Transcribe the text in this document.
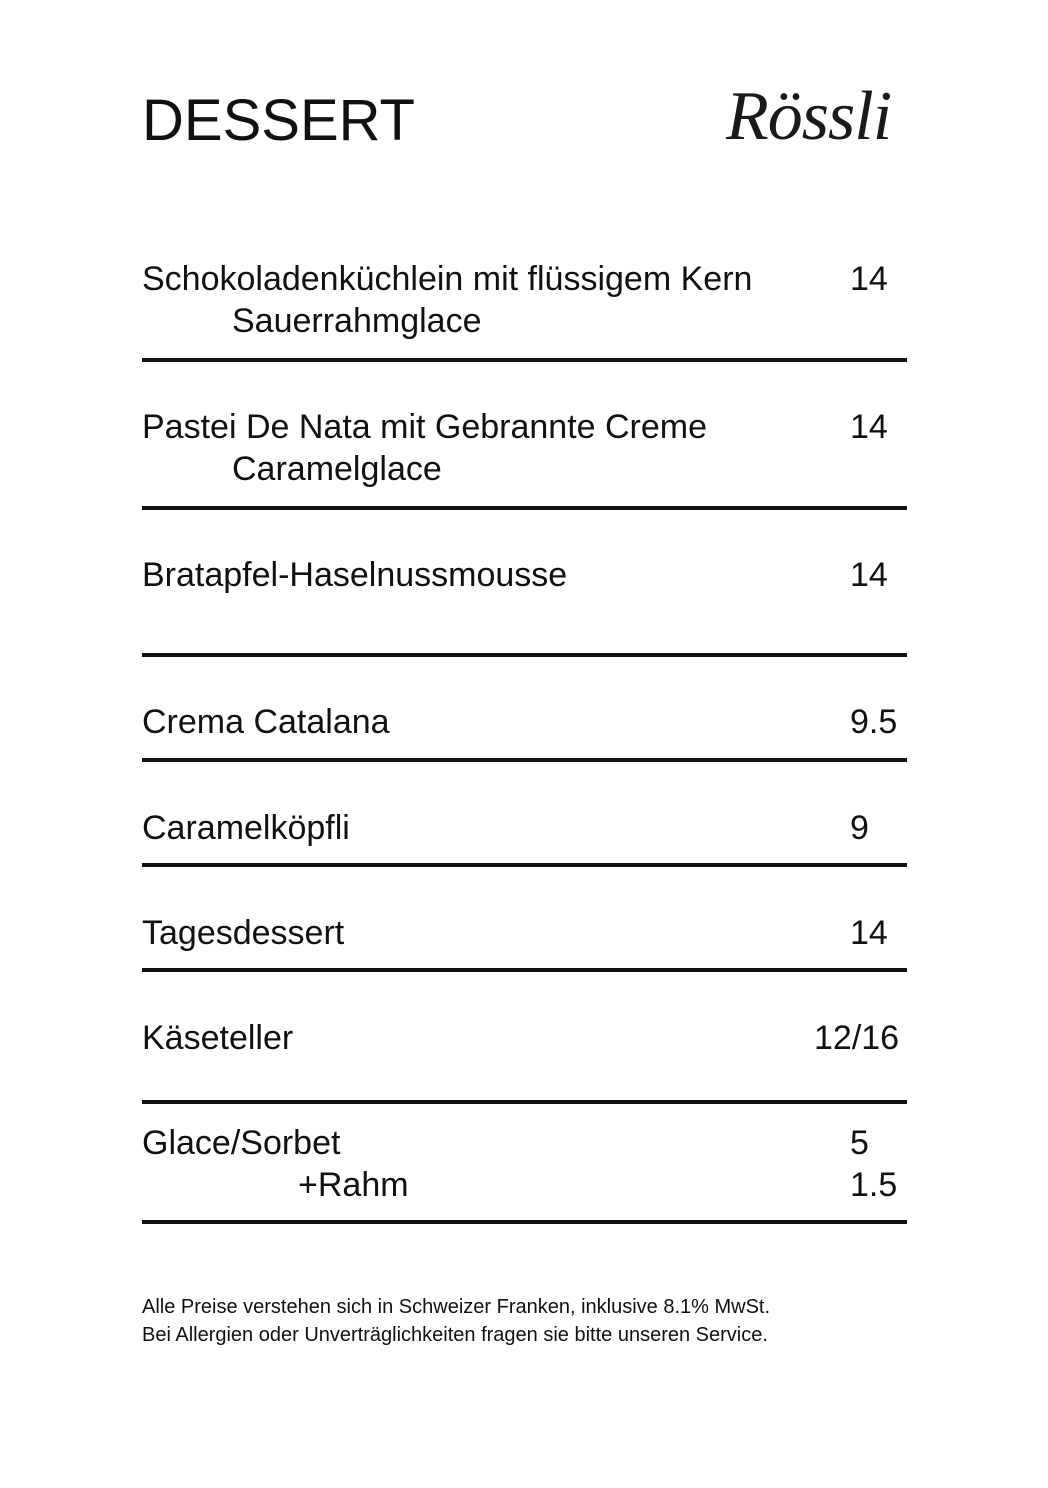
DESSERT	Rössli
Schokoladenküchlein mit flüssigem Kern	14
Sauerrahmglace
Pastei De Nata mit Gebrannte Creme	14
Caramelglace
Bratapfel-Haselnussmousse	14
Crema Catalana	9.5
Caramelköpfli	9
Tagesdessert	14
Käseteller	12/16
Glace/Sorbet	5
+Rahm	1.5
Alle Preise verstehen sich in Schweizer Franken, inklusive 8.1% MwSt.
Bei Allergien oder Unverträglichkeiten fragen sie bitte unseren Service.
